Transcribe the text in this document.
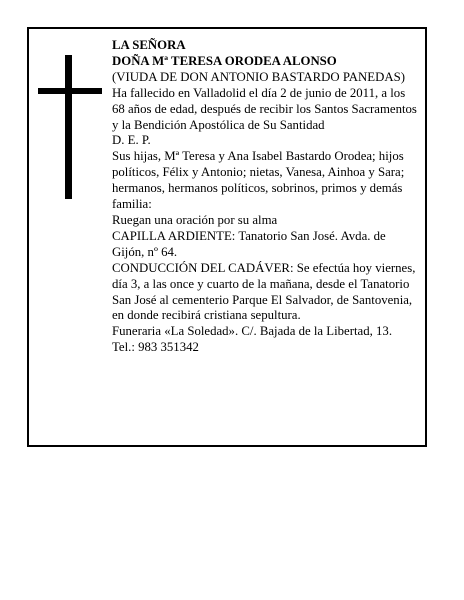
LA SEÑORA

DOÑA Mª TERESA ORODEA ALONSO

(VIUDA DE DON ANTONIO BASTARDO PANEDAS)

Ha fallecido en Valladolid el día 2 de junio de 2011, a los 68 años de edad, después de recibir los Santos Sacramentos y la Bendición Apostólica de Su Santidad

D. E. P.

Sus hijas, Mª Teresa y Ana Isabel Bastardo Orodea; hijos políticos, Félix y Antonio; nietas, Vanesa, Ainhoa y Sara; hermanos, hermanos políticos, sobrinos, primos y demás familia:

Ruegan una oración por su alma

CAPILLA ARDIENTE: Tanatorio San José. Avda. de Gijón, nº 64.

CONDUCCIÓN DEL CADÁVER: Se efectúa hoy viernes, día 3, a las once y cuarto de la mañana, desde el Tanatorio San José al cementerio Parque El Salvador, de Santovenia, en donde recibirá cristiana sepultura.

Funeraria «La Soledad». C/. Bajada de la Libertad, 13.

Tel.: 983 351342
